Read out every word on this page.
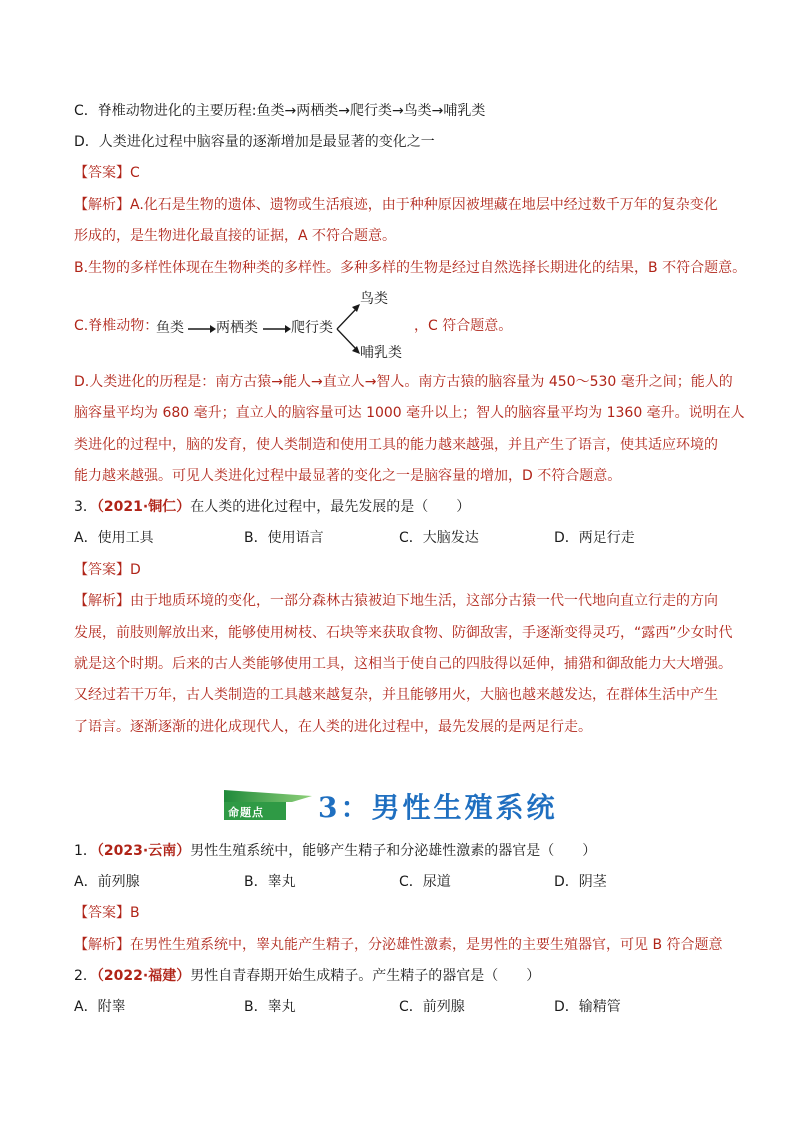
C．脊椎动物进化的主要历程:鱼类→两栖类→爬行类→鸟类→哺乳类
D．人类进化过程中脑容量的逐渐增加是最显著的变化之一
【答案】C
【解析】A.化石是生物的遗体、遗物或生活痕迹，由于种种原因被埋藏在地层中经过数千万年的复杂变化
形成的，是生物进化最直接的证据，A 不符合题意。
B.生物的多样性体现在生物种类的多样性。多种多样的生物是经过自然选择长期进化的结果，B 不符合题意。
C.脊椎动物：
鱼类 两栖类 爬行类
鸟类
哺乳类
，C 符合题意。
D.人类进化的历程是：南方古猿→能人→直立人→智人。南方古猿的脑容量为 450～530 毫升之间；能人的
脑容量平均为 680 毫升；直立人的脑容量可达 1000 毫升以上；智人的脑容量平均为 1360 毫升。说明在人
类进化的过程中，脑的发育，使人类制造和使用工具的能力越来越强，并且产生了语言，使其适应环境的
能力越来越强。可见人类进化过程中最显著的变化之一是脑容量的增加，D 不符合题意。
3．（2021·铜仁）在人类的进化过程中，最先发展的是（　　）
A．使用工具	B．使用语言	C．大脑发达	D．两足行走
【答案】D
【解析】由于地质环境的变化，一部分森林古猿被迫下地生活，这部分古猿一代一代地向直立行走的方向
发展，前肢则解放出来，能够使用树枝、石块等来获取食物、防御敌害，手逐渐变得灵巧，“露西”少女时代
就是这个时期。后来的古人类能够使用工具，这相当于使自己的四肢得以延伸，捕猎和御敌能力大大增强。
又经过若干万年，古人类制造的工具越来越复杂，并且能够用火，大脑也越来越发达，在群体生活中产生
了语言。逐渐逐渐的进化成现代人，在人类的进化过程中，最先发展的是两足行走。
命题点 3：男性生殖系统
1．（2023·云南）男性生殖系统中，能够产生精子和分泌雄性激素的器官是（　　）
A．前列腺	B．睾丸	C．尿道	D．阴茎
【答案】B
【解析】在男性生殖系统中，睾丸能产生精子，分泌雄性激素，是男性的主要生殖器官，可见 B 符合题意
2．（2022·福建）男性自青春期开始生成精子。产生精子的器官是（　　）
A．附睾	B．睾丸	C．前列腺	D．输精管
